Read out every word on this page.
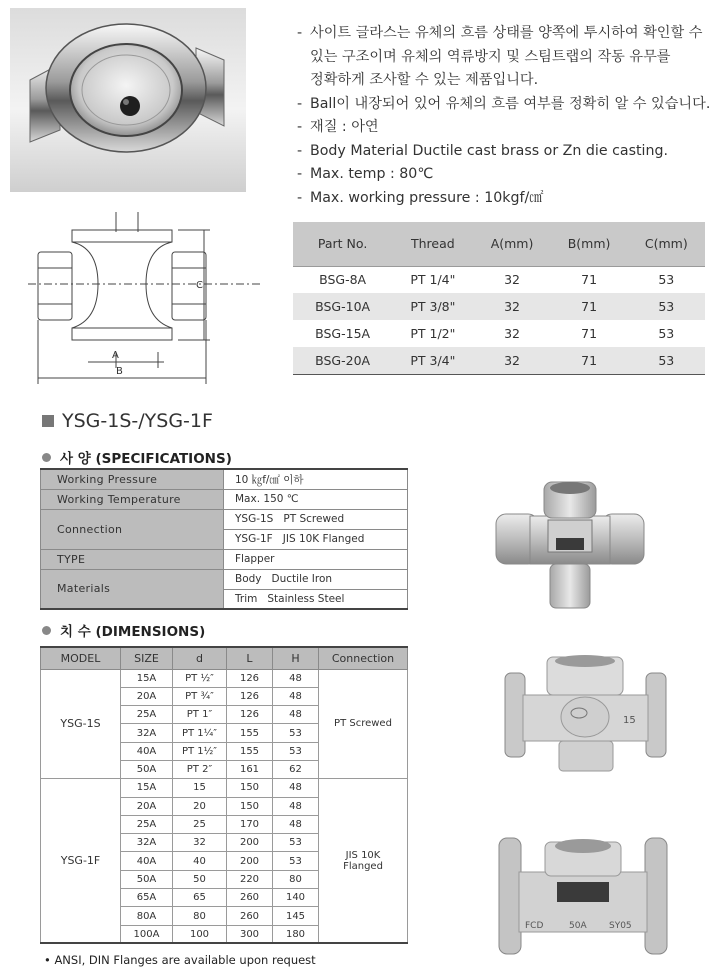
- 사이트 글라스는 유체의 흐름 상태를 양쪽에 투시하여 확인할 수
있는 구조이며 유체의 역류방지 및 스팀트랩의 작동 유무를
정확하게 조사할 수 있는 제품입니다.
- Ball이 내장되어 있어 유체의 흐름 여부를 정확히 알 수 있습니다.
- 재질 : 아연
- Body Material Ductile cast brass or Zn die casting.
- Max. temp : 80℃
- Max. working pressure : 10kgf/㎠
A
B
C
Part No.	Thread	A(mm)	B(mm)	C(mm)
BSG-8A	PT 1/4"	32	71	53
BSG-10A	PT 3/8"	32	71	53
BSG-15A	PT 1/2"	32	71	53
BSG-20A	PT 3/4"	32	71	53
YSG-1S-/YSG-1F
사 양 (SPECIFICATIONS)
Working Pressure	10 ㎏f/㎠ 이하
Working Temperature	Max. 150 ℃
Connection	YSG-1S PT Screwed
	YSG-1F JIS 10K Flanged
TYPE	Flapper
Materials	Body Ductile Iron
	Trim Stainless Steel
치 수 (DIMENSIONS)
MODEL	SIZE	d	L	H	Connection
YSG-1S	15A	PT ½″	126	48	PT Screwed
	20A	PT ¾″	126	48	
	25A	PT 1″	126	48	
	32A	PT 1¼″	155	53	
	40A	PT 1½″	155	53	
	50A	PT 2″	161	62	
YSG-1F	15A	15	150	48	JIS 10K
Flanged

	20A	20	150	48	
	25A	25	170	48	
	32A	32	200	53	
	40A	40	200	53	
	50A	50	220	80	
	65A	65	260	140	
	80A	80	260	145	
	100A	100	300	180	
• ANSI, DIN Flanges are available upon request
15
FCD	50A SY05
